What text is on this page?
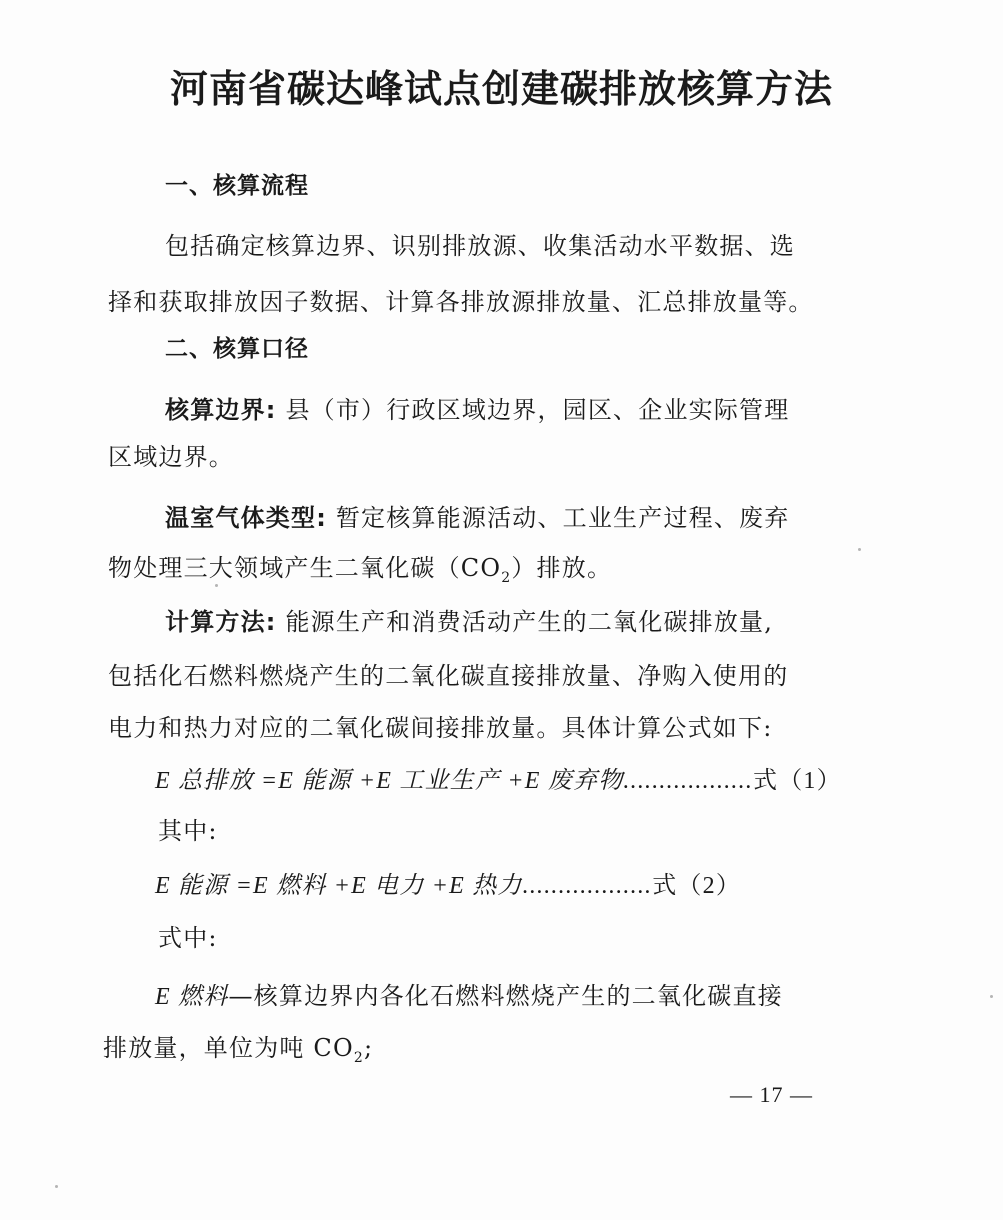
河南省碳达峰试点创建碳排放核算方法
一、核算流程
包括确定核算边界、识别排放源、收集活动水平数据、选
择和获取排放因子数据、计算各排放源排放量、汇总排放量等。
二、核算口径
核算边界: 县（市）行政区域边界，园区、企业实际管理
区域边界。
温室气体类型: 暂定核算能源活动、工业生产过程、废弃
物处理三大领域产生二氧化碳$(CO_2)$排放。
计算方法: 能源生产和消费活动产生的二氧化碳排放量,
包括化石燃料燃烧产生的二氧化碳直接排放量、净购入使用的
电力和热力对应的二氧化碳间接排放量。具体计算公式如下:
E 总排放 =E 能源 +E 工业生产 +E 废弃物..................式（1）
其中:
E 能源 =E 燃料 +E 电力 +E 热力..................式（2）
式中:
E 燃料—核算边界内各化石燃料燃烧产生的二氧化碳直接
排放量，单位为吨 $CO_2$;
— 17 —
